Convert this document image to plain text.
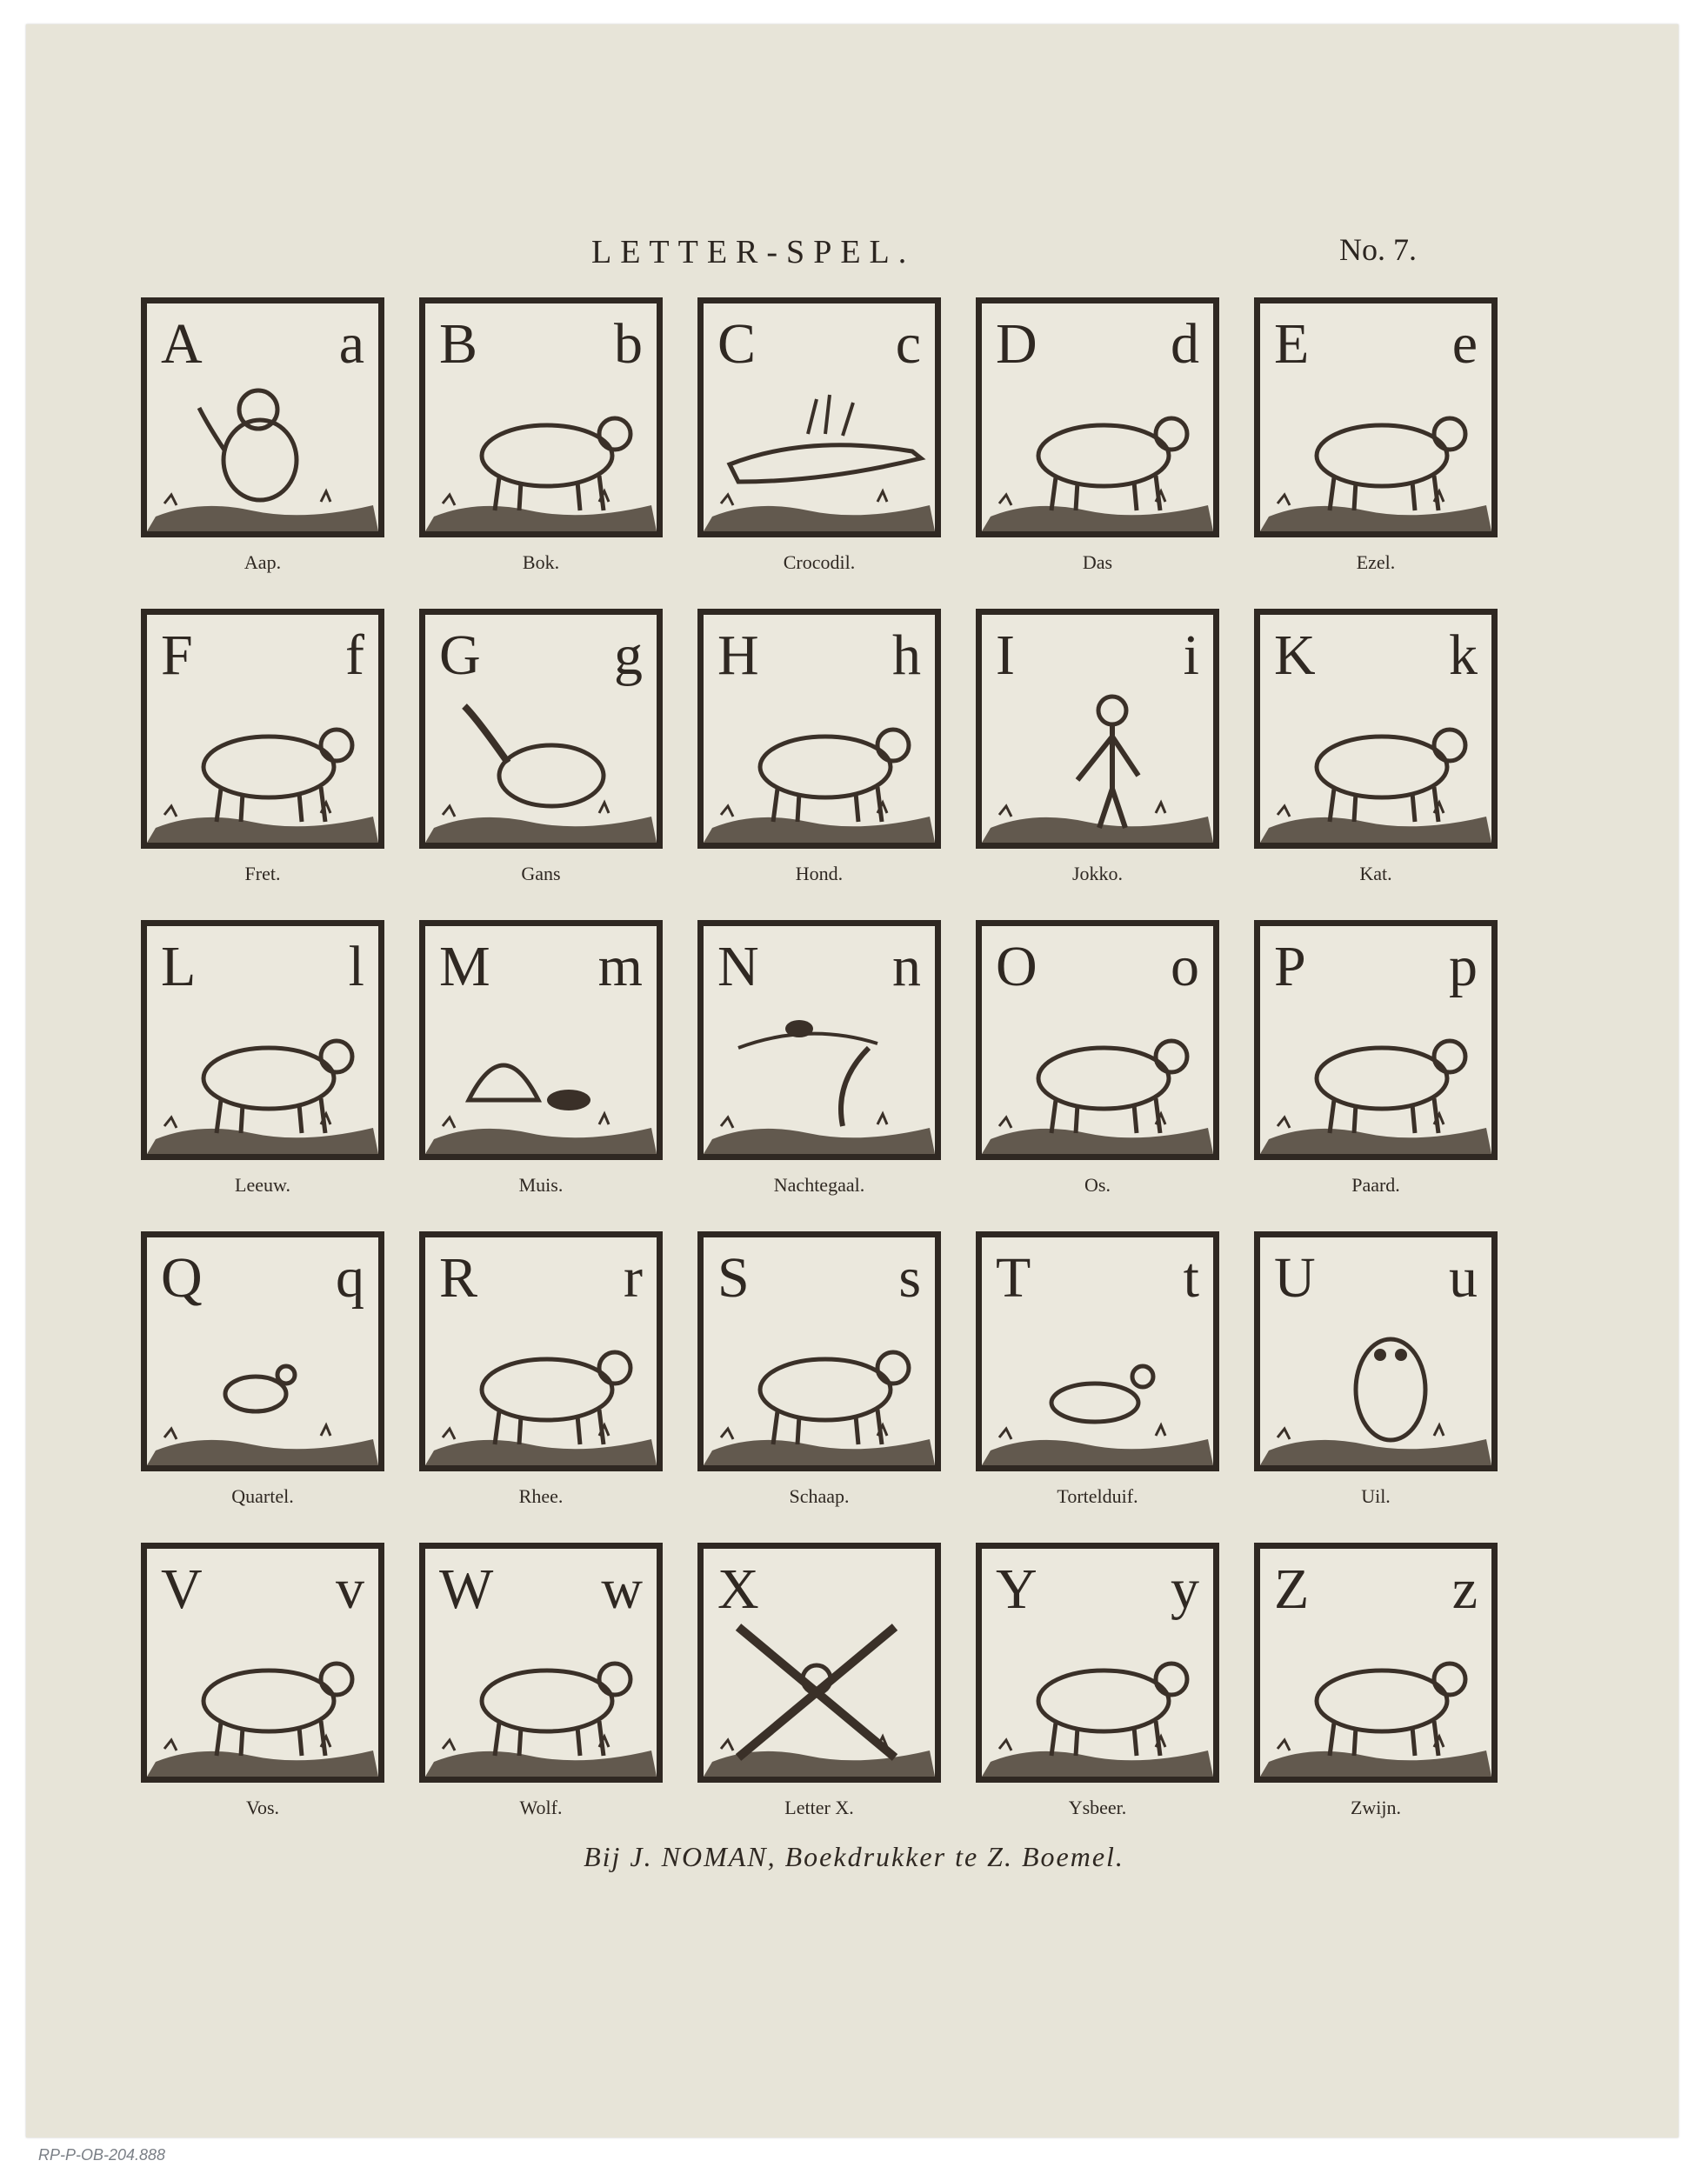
LETTER-SPEL.	No. 7.
A a
Aap.
B b
Bok.
C c
Crocodil.
D d
Das
E e
Ezel.
F	f
Fret.
G g
Gans
H h
Hond.
I	i
Jokko.
K k
Kat.
L	l
Leeuw.
M m
Muis.
N n
Nachtegaal.
O o
Os.
P p
Paard.
Q q
Quartel.
R	r
Rhee.
S	s
Schaap.
T	t
Tortelduif.
U u
Uil.
V v
Vos.
W w
Wolf.
X
Letter X.
Y y
Ysbeer.
Z z
Zwijn.
Bij J. NOMAN, Boekdrukker te Z. Boemel.
RP-P-OB-204.888
